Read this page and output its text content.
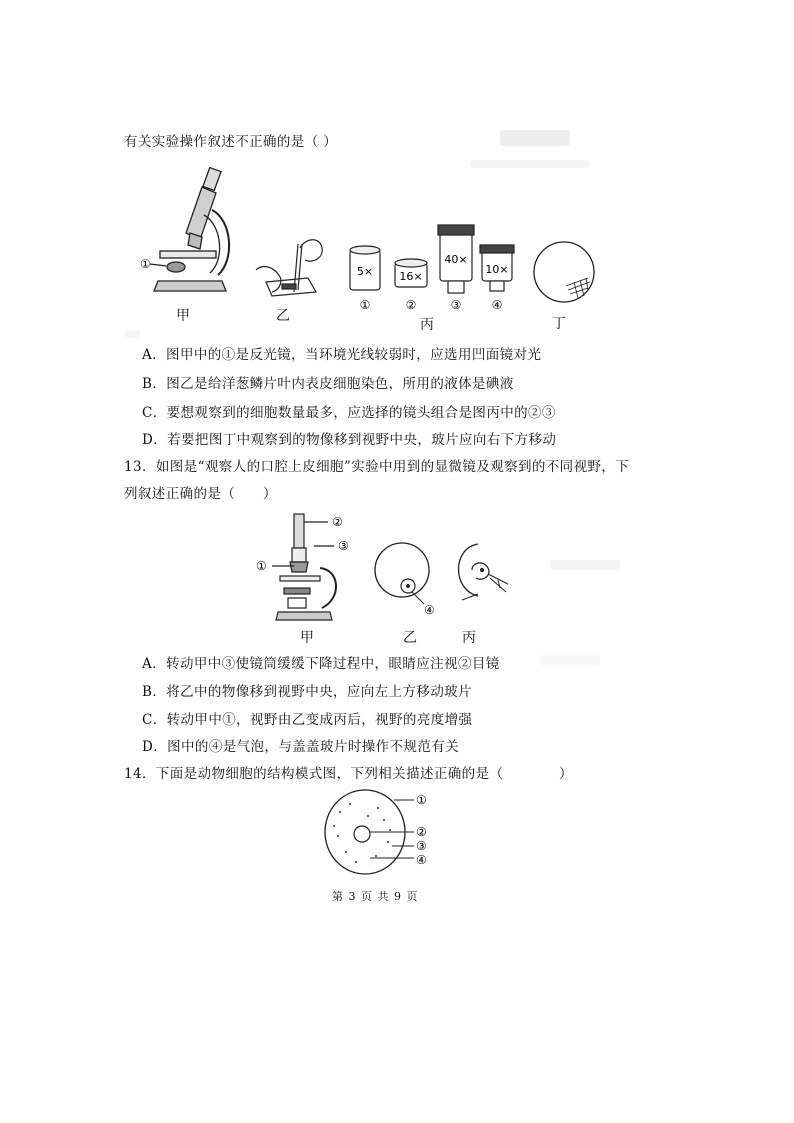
有关实验操作叙述不正确的是（ ）
①
甲	乙
5× 16×
40×
10×
①	②	③	④
丙	丁
A．图甲中的①是反光镜，当环境光线较弱时，应选用凹面镜对光
B．图乙是给洋葱鳞片叶内表皮细胞染色，所用的液体是碘液
C．要想观察到的细胞数量最多，应选择的镜头组合是图丙中的②③
D．若要把图丁中观察到的物像移到视野中央，玻片应向右下方移动
13．如图是“观察人的口腔上皮细胞”实验中用到的显微镜及观察到的不同视野，下
列叙述正确的是（　　）
②
③
①
甲
④
乙	丙
A．转动甲中③使镜筒缓缓下降过程中，眼睛应注视②目镜
B．将乙中的物像移到视野中央，应向左上方移动玻片
C．转动甲中①，视野由乙变成丙后，视野的亮度增强
D．图中的④是气泡，与盖盖玻片时操作不规范有关
14．下面是动物细胞的结构模式图，下列相关描述正确的是（　　　　）
①
②
③
④
第 3 页 共 9 页
